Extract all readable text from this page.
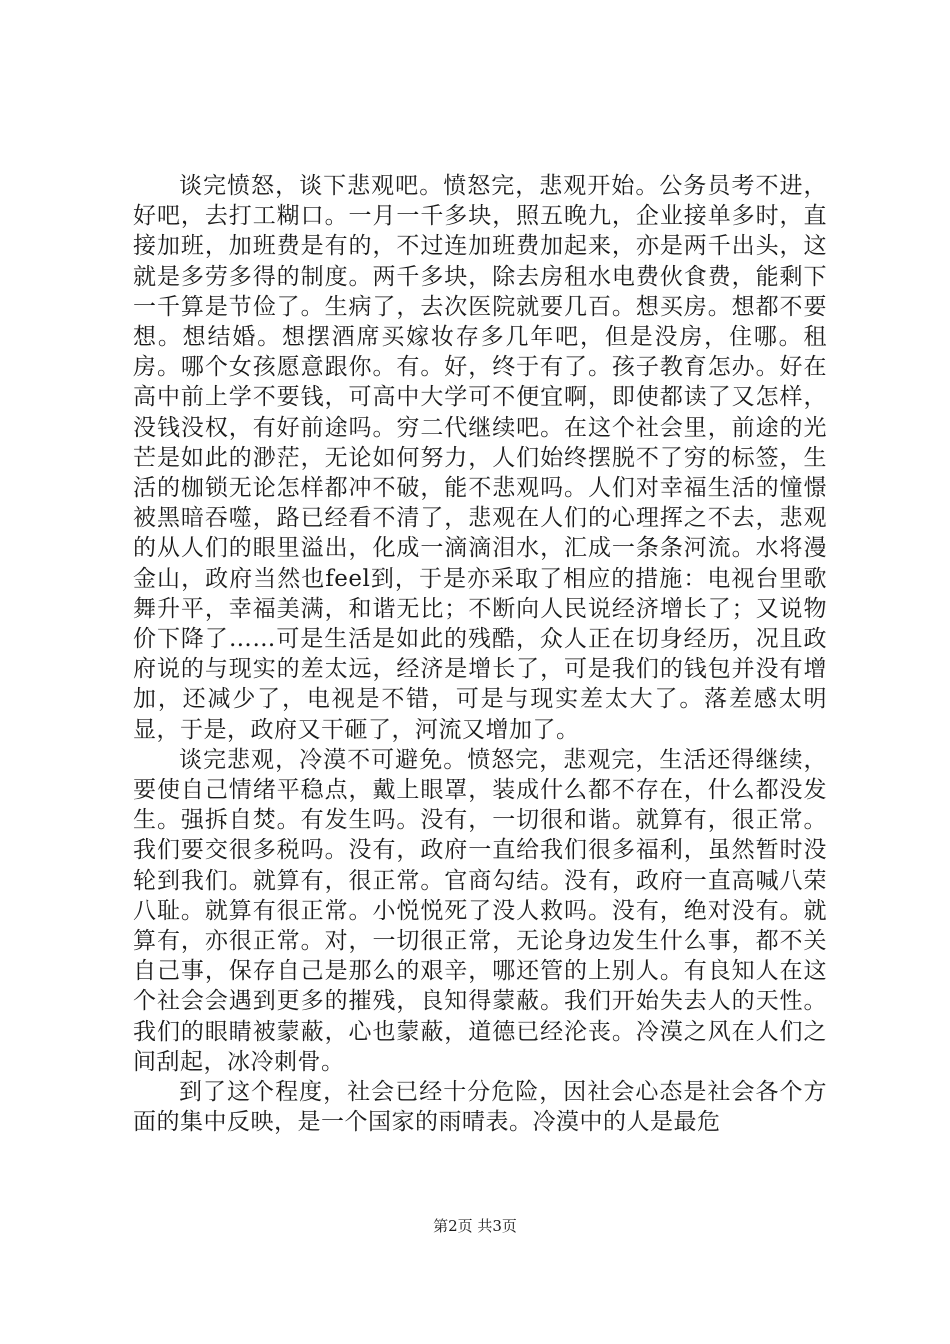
谈完愤怒，谈下悲观吧。愤怒完，悲观开始。公务员考不进，好吧，去打工糊口。一月一千多块，照五晚九，企业接单多时，直接加班，加班费是有的，不过连加班费加起来，亦是两千出头，这就是多劳多得的制度。两千多块，除去房租水电费伙食费，能剩下一千算是节俭了。生病了，去次医院就要几百。想买房。想都不要想。想结婚。想摆酒席买嫁妆存多几年吧，但是没房，住哪。租房。哪个女孩愿意跟你。有。好，终于有了。孩子教育怎办。好在高中前上学不要钱，可高中大学可不便宜啊，即使都读了又怎样，没钱没权，有好前途吗。穷二代继续吧。在这个社会里，前途的光芒是如此的渺茫，无论如何努力，人们始终摆脱不了穷的标签，生活的枷锁无论怎样都冲不破，能不悲观吗。人们对幸福生活的憧憬被黑暗吞噬，路已经看不清了，悲观在人们的心理挥之不去，悲观的从人们的眼里溢出，化成一滴滴泪水，汇成一条条河流。水将漫金山，政府当然也feel到，于是亦采取了相应的措施：电视台里歌舞升平，幸福美满，和谐无比；不断向人民说经济增长了；又说物价下降了……可是生活是如此的残酷，众人正在切身经历，况且政府说的与现实的差太远，经济是增长了，可是我们的钱包并没有增加，还减少了，电视是不错，可是与现实差太大了。落差感太明显，于是，政府又干砸了，河流又增加了。

谈完悲观，冷漠不可避免。愤怒完，悲观完，生活还得继续，要使自己情绪平稳点，戴上眼罩，装成什么都不存在，什么都没发生。强拆自焚。有发生吗。没有，一切很和谐。就算有，很正常。我们要交很多税吗。没有，政府一直给我们很多福利，虽然暂时没轮到我们。就算有，很正常。官商勾结。没有，政府一直高喊八荣八耻。就算有很正常。小悦悦死了没人救吗。没有，绝对没有。就算有，亦很正常。对，一切很正常，无论身边发生什么事，都不关自己事，保存自己是那么的艰辛，哪还管的上别人。有良知人在这个社会会遇到更多的摧残，良知得蒙蔽。我们开始失去人的天性。我们的眼睛被蒙蔽，心也蒙蔽，道德已经沦丧。冷漠之风在人们之间刮起，冰冷刺骨。

到了这个程度，社会已经十分危险，因社会心态是社会各个方面的集中反映，是一个国家的雨晴表。冷漠中的人是最危

第2页 共3页
